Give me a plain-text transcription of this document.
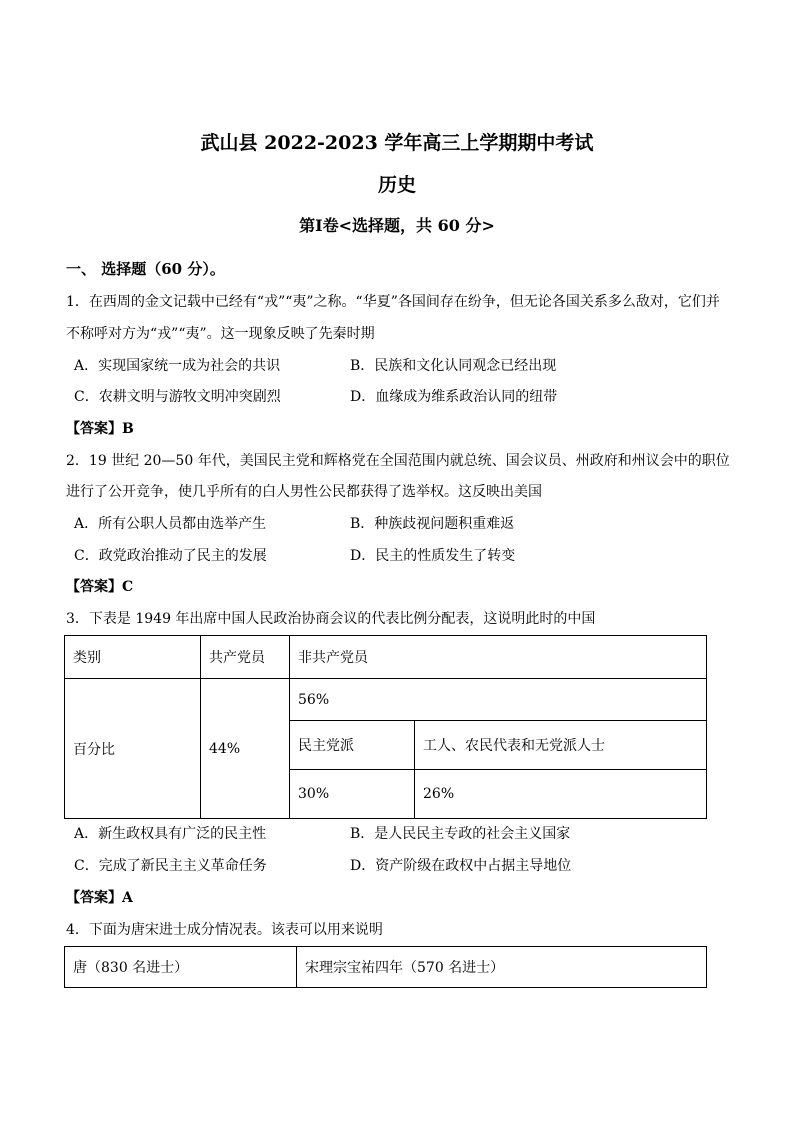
武山县 2022-2023 学年高三上学期期中考试
历史
第Ⅰ卷<选择题，共 60 分>
一、 选择题（60 分）。
1．在西周的金文记载中已经有“戎”“夷”之称。“华夏”各国间存在纷争，但无论各国关系多么敌对，它们并
不称呼对方为“戎”“夷”。这一现象反映了先秦时期
A．实现国家统一成为社会的共识	B．民族和文化认同观念已经出现
C．农耕文明与游牧文明冲突剧烈	D．血缘成为维系政治认同的纽带
【答案】B
2．19 世纪 20—50 年代，美国民主党和辉格党在全国范围内就总统、国会议员、州政府和州议会中的职位
进行了公开竞争，使几乎所有的白人男性公民都获得了选举权。这反映出美国
A．所有公职人员都由选举产生	B．种族歧视问题积重难返
C．政党政治推动了民主的发展	D．民主的性质发生了转变
【答案】C
3．下表是 1949 年出席中国人民政治协商会议的代表比例分配表，这说明此时的中国
类别	共产党员	非共产党员	
百分比	44%	56%	
		民主党派	工人、农民代表和无党派人士
		30%	26%
A．新生政权具有广泛的民主性	B．是人民民主专政的社会主义国家
C．完成了新民主主义革命任务	D．资产阶级在政权中占据主导地位
【答案】A
4．下面为唐宋进士成分情况表。该表可以用来说明
唐（830 名进士）	宋理宗宝祐四年（570 名进士）
